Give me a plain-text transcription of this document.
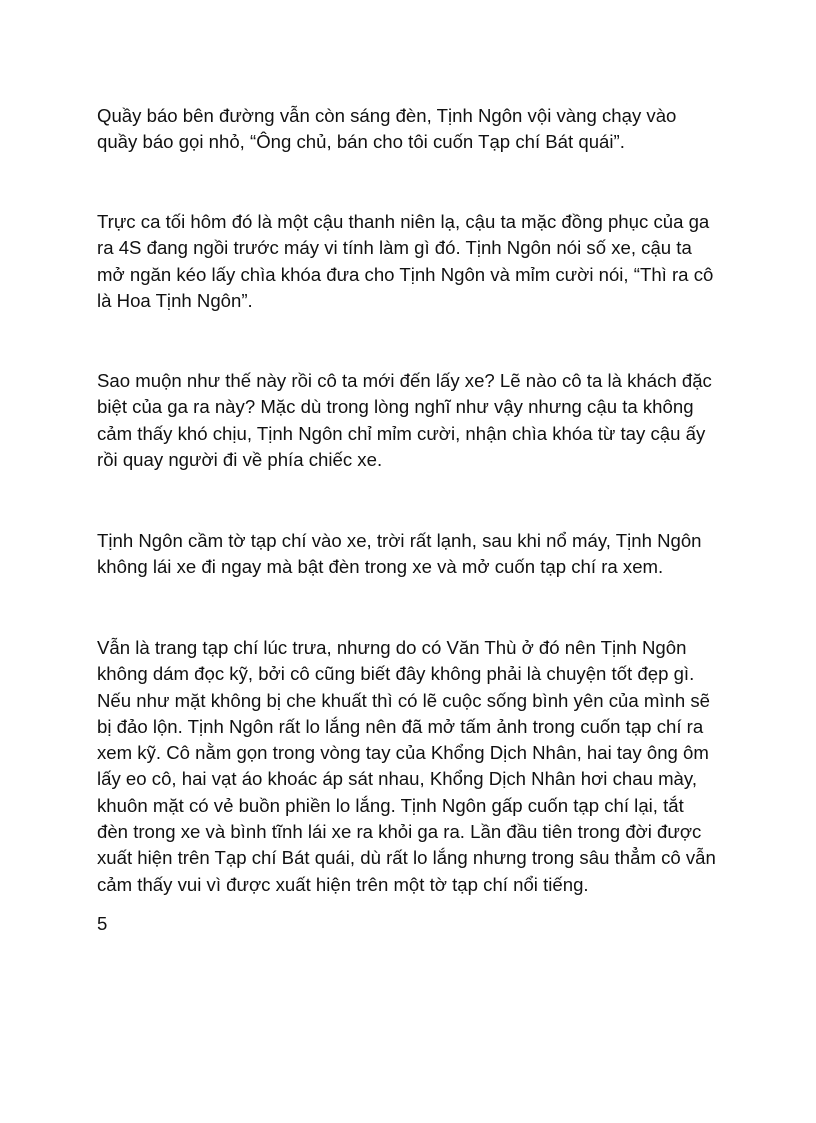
Quầy báo bên đường vẫn còn sáng đèn, Tịnh Ngôn vội vàng chạy vào
quầy báo gọi nhỏ, “Ông chủ, bán cho tôi cuốn Tạp chí Bát quái”.
Trực ca tối hôm đó là một cậu thanh niên lạ, cậu ta mặc đồng phục của ga
ra 4S đang ngồi trước máy vi tính làm gì đó. Tịnh Ngôn nói số xe, cậu ta
mở ngăn kéo lấy chìa khóa đưa cho Tịnh Ngôn và mỉm cười nói, “Thì ra cô
là Hoa Tịnh Ngôn”.
Sao muộn như thế này rồi cô ta mới đến lấy xe? Lẽ nào cô ta là khách đặc
biệt của ga ra này? Mặc dù trong lòng nghĩ như vậy nhưng cậu ta không
cảm thấy khó chịu, Tịnh Ngôn chỉ mỉm cười, nhận chìa khóa từ tay cậu ấy
rồi quay người đi về phía chiếc xe.
Tịnh Ngôn cầm tờ tạp chí vào xe, trời rất lạnh, sau khi nổ máy, Tịnh Ngôn
không lái xe đi ngay mà bật đèn trong xe và mở cuốn tạp chí ra xem.
Vẫn là trang tạp chí lúc trưa, nhưng do có Văn Thù ở đó nên Tịnh Ngôn
không dám đọc kỹ, bởi cô cũng biết đây không phải là chuyện tốt đẹp gì.
Nếu như mặt không bị che khuất thì có lẽ cuộc sống bình yên của mình sẽ
bị đảo lộn. Tịnh Ngôn rất lo lắng nên đã mở tấm ảnh trong cuốn tạp chí ra
xem kỹ. Cô nằm gọn trong vòng tay của Khổng Dịch Nhân, hai tay ông ôm
lấy eo cô, hai vạt áo khoác áp sát nhau, Khổng Dịch Nhân hơi chau mày,
khuôn mặt có vẻ buồn phiền lo lắng. Tịnh Ngôn gấp cuốn tạp chí lại, tắt
đèn trong xe và bình tĩnh lái xe ra khỏi ga ra. Lần đầu tiên trong đời được
xuất hiện trên Tạp chí Bát quái, dù rất lo lắng nhưng trong sâu thẳm cô vẫn
cảm thấy vui vì được xuất hiện trên một tờ tạp chí nổi tiếng.
5
